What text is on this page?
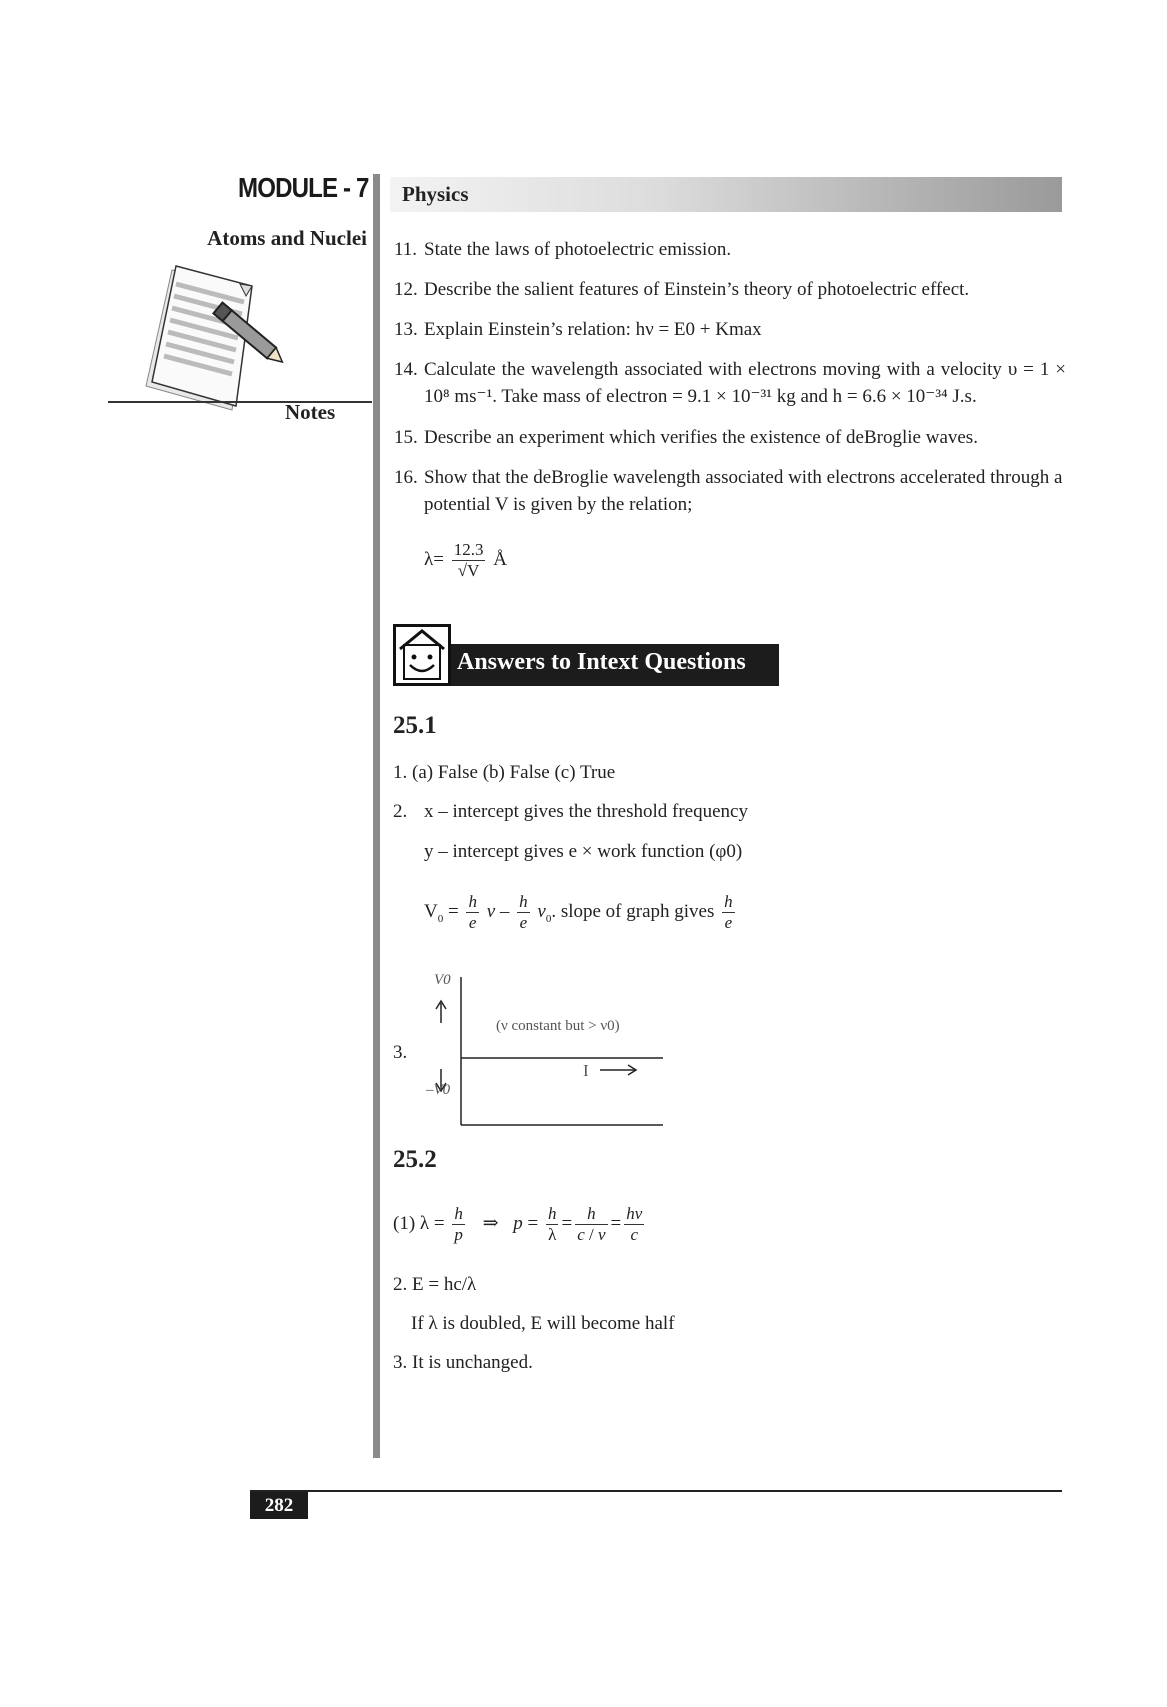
MODULE - 7
Atoms and Nuclei
Notes
Physics
11. State the laws of photoelectric emission.
12. Describe the salient features of Einstein’s theory of photoelectric effect.
13. Explain Einstein’s relation: hν = E0 + Kmax
14. Calculate the wavelength associated with electrons moving with a velocity υ = 1 × 10⁸ ms⁻¹. Take mass of electron = 9.1 × 10⁻³¹ kg and h = 6.6 × 10⁻³⁴ J.s.
15. Describe an experiment which verifies the existence of deBroglie waves.
16. Show that the deBroglie wavelength associated with electrons accelerated through a potential V is given by the relation;
$\lambda= \frac{12.3}{√V}$ Å
Answers to Intext Questions
25.1
1. (a) False (b) False (c) True
2. x – intercept gives the threshold frequency
y – intercept gives e × work function (φ0)
$V_0 = \frac{h}{e}$ ν – $\frac{h}{e} \nu_0$. slope of graph gives $\frac{h}{e}$
3.
V0
–V0
(ν constant but > ν0)
I
25.2
(1) $\lambda = \frac{h}{p}$ ⇒ $p = \frac{h}{\lambda} = \frac{h}{c / \nu} = \frac{h\nu}{c}$
2. E = hc/λ
If λ is doubled, E will become half
3. It is unchanged.
282
